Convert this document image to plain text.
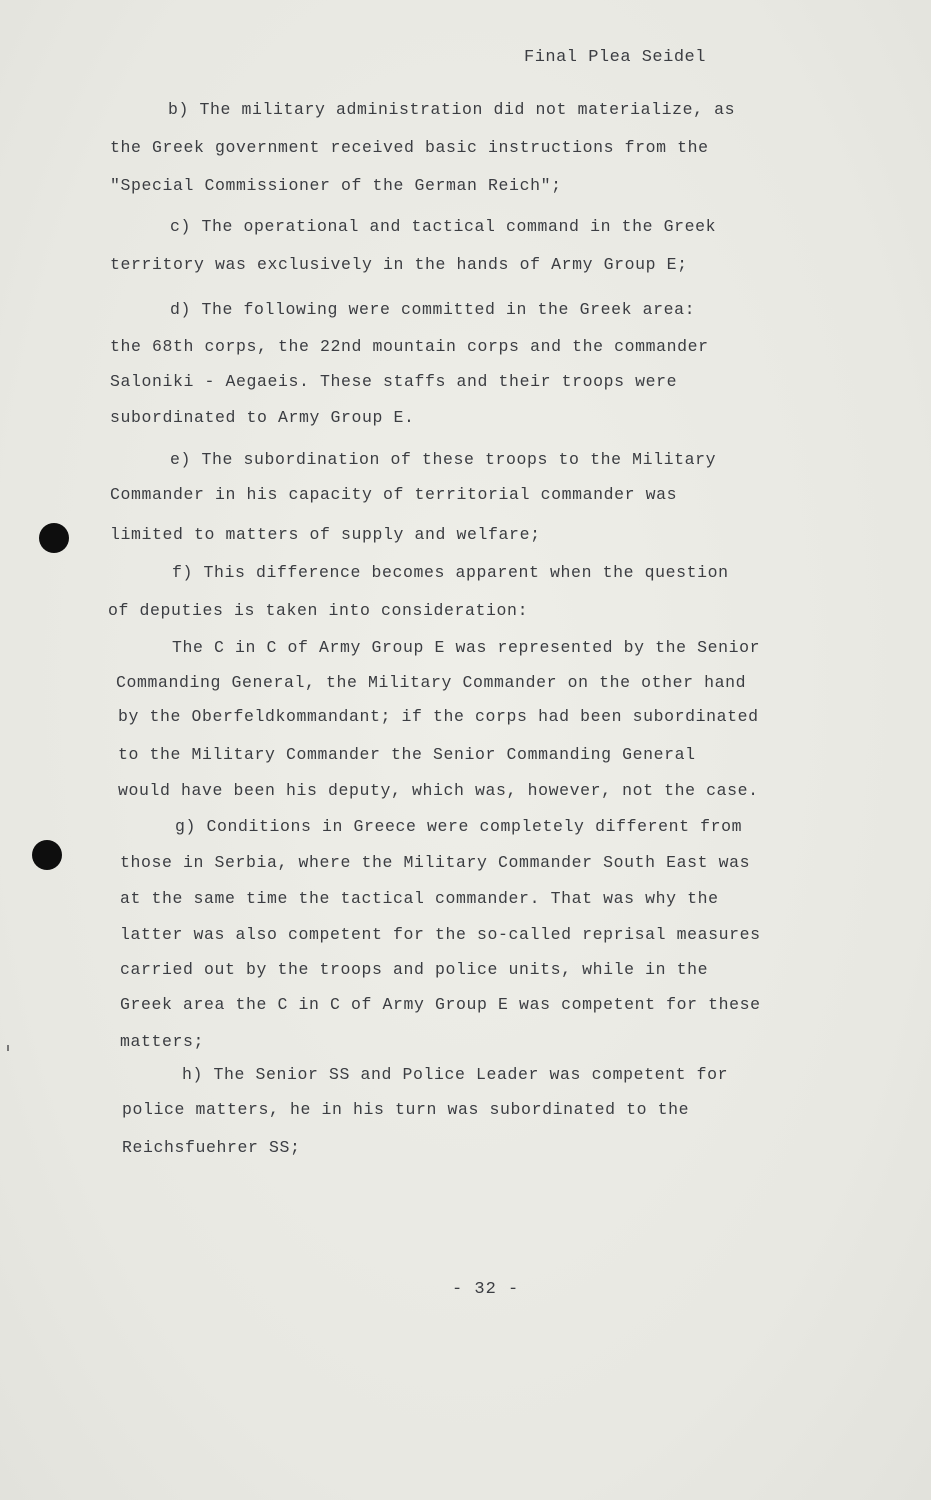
Final Plea Seidel
b) The military administration did not materialize, as
the Greek government received basic instructions from the
"Special Commissioner of the German Reich";
c) The operational and tactical command in the Greek
territory was exclusively in the hands of Army Group E;
d) The following were committed in the Greek area:
the 68th corps, the 22nd mountain corps and the commander
Saloniki - Aegaeis. These staffs and their troops were
subordinated to Army Group E.
e) The subordination of these troops to the Military
Commander in his capacity of territorial commander was
limited to matters of supply and welfare;
f) This difference becomes apparent when the question
of deputies is taken into consideration:
The C in C of Army Group E was represented by the Senior
Commanding General, the Military Commander on the other hand
by the Oberfeldkommandant; if the corps had been subordinated
to the Military Commander the Senior Commanding General
would have been his deputy, which was, however, not the case.
g) Conditions in Greece were completely different from
those in Serbia, where the Military Commander South East was
at the same time the tactical commander. That was why the
latter was also competent for the so-called reprisal measures
carried out by the troops and police units, while in the
Greek area the C in C of Army Group E was competent for these
matters;
h) The Senior SS and Police Leader was competent for
police matters, he in his turn was subordinated to the
Reichsfuehrer SS;
- 32 -
